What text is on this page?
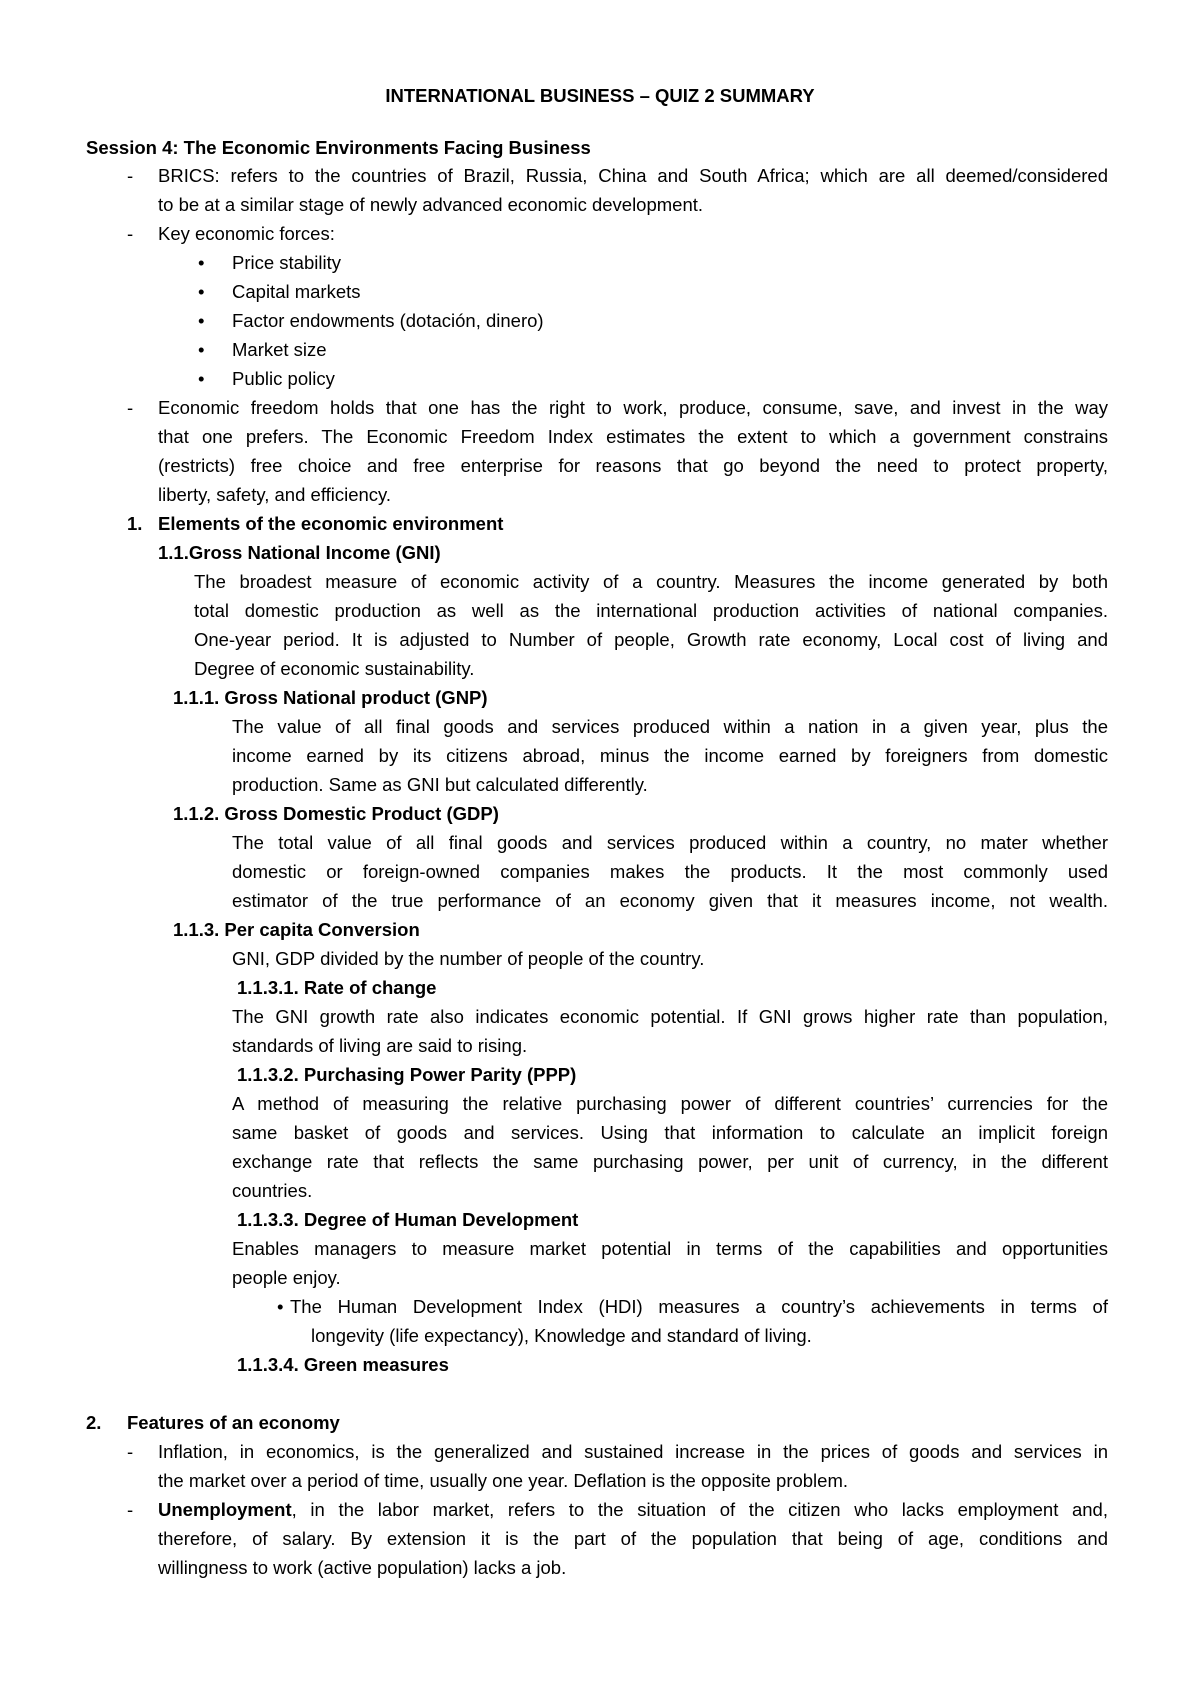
INTERNATIONAL BUSINESS – QUIZ 2 SUMMARY
Session 4: The Economic Environments Facing Business
- BRICS: refers to the countries of Brazil, Russia, China and South Africa; which are all deemed/considered
to be at a similar stage of newly advanced economic development.
- Key economic forces:
• Price stability
• Capital markets
• Factor endowments (dotación, dinero)
• Market size
• Public policy
- Economic freedom holds that one has the right to work, produce, consume, save, and invest in the way
that one prefers. The Economic Freedom Index estimates the extent to which a government constrains
(restricts) free choice and free enterprise for reasons that go beyond the need to protect property,
liberty, safety, and efficiency.
1. Elements of the economic environment
1.1.Gross National Income (GNI)
The broadest measure of economic activity of a country. Measures the income generated by both
total domestic production as well as the international production activities of national companies.
One-year period. It is adjusted to Number of people, Growth rate economy, Local cost of living and
Degree of economic sustainability.
1.1.1. Gross National product (GNP)
The value of all final goods and services produced within a nation in a given year, plus the
income earned by its citizens abroad, minus the income earned by foreigners from domestic
production. Same as GNI but calculated differently.
1.1.2. Gross Domestic Product (GDP)
The total value of all final goods and services produced within a country, no mater whether
domestic or foreign-owned companies makes the products. It the most commonly used
estimator of the true performance of an economy given that it measures income, not wealth.
1.1.3. Per capita Conversion
GNI, GDP divided by the number of people of the country.
1.1.3.1. Rate of change
The GNI growth rate also indicates economic potential. If GNI grows higher rate than population,
standards of living are said to rising.
1.1.3.2. Purchasing Power Parity (PPP)
A method of measuring the relative purchasing power of different countries’ currencies for the
same basket of goods and services. Using that information to calculate an implicit foreign
exchange rate that reflects the same purchasing power, per unit of currency, in the different
countries.
1.1.3.3. Degree of Human Development
Enables managers to measure market potential in terms of the capabilities and opportunities
people enjoy.
• The Human Development Index (HDI) measures a country’s achievements in terms of
longevity (life expectancy), Knowledge and standard of living.
1.1.3.4. Green measures
2. Features of an economy
- Inflation, in economics, is the generalized and sustained increase in the prices of goods and services in
the market over a period of time, usually one year. Deflation is the opposite problem.
- Unemployment, in the labor market, refers to the situation of the citizen who lacks employment and,
therefore, of salary. By extension it is the part of the population that being of age, conditions and
willingness to work (active population) lacks a job.
